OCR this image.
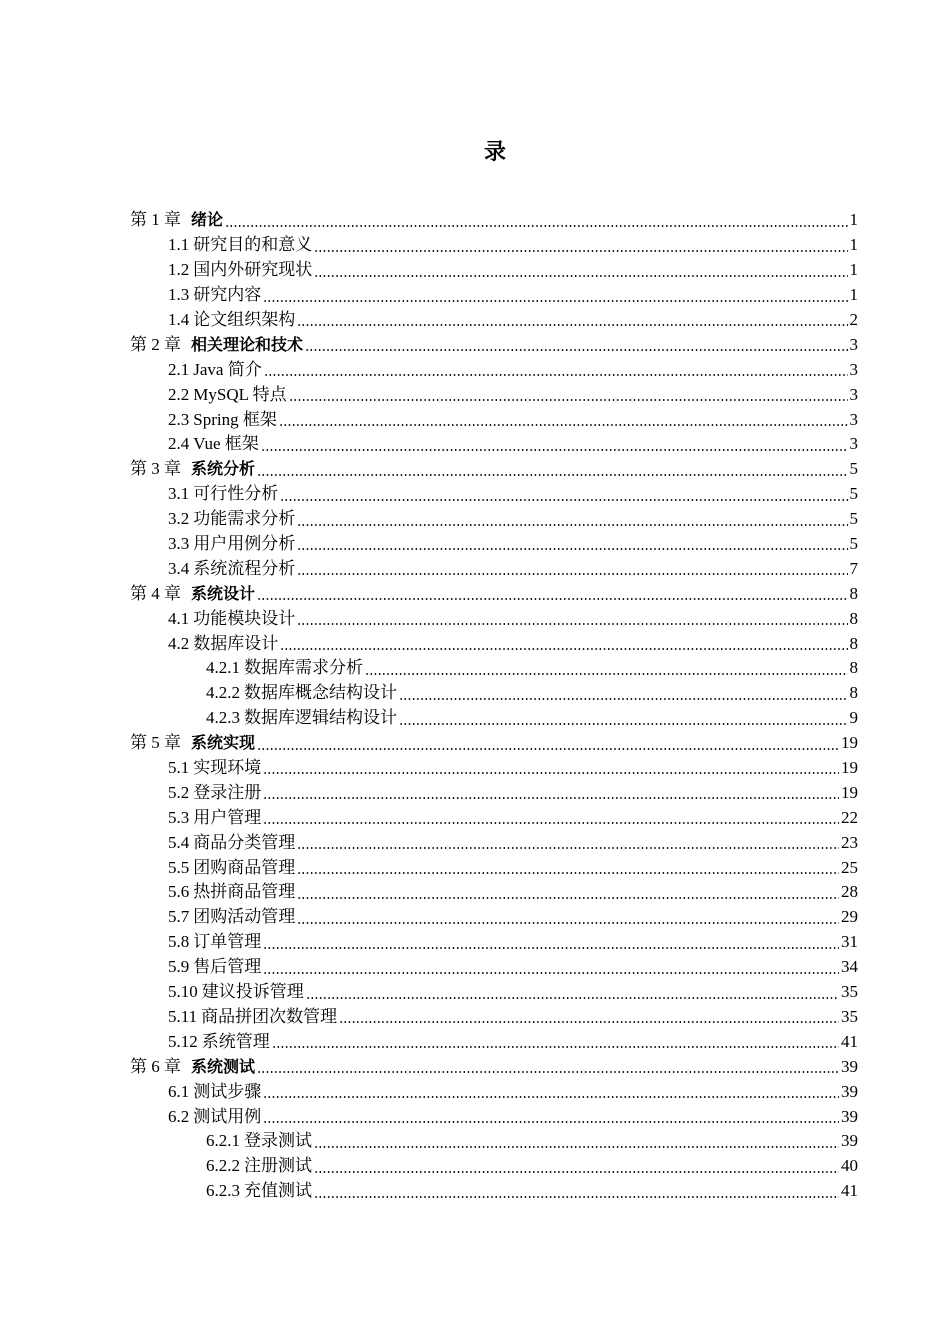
录
第 1 章 绪论	1
1.1 研究目的和意义	1
1.2 国内外研究现状	1
1.3 研究内容	1
1.4 论文组织架构	2
第 2 章 相关理论和技术	3
2.1 Java 简介	3
2.2 MySQL 特点	3
2.3 Spring 框架	3
2.4 Vue 框架	3
第 3 章 系统分析	5
3.1 可行性分析	5
3.2 功能需求分析	5
3.3 用户用例分析	5
3.4 系统流程分析	7
第 4 章 系统设计	8
4.1 功能模块设计	8
4.2 数据库设计	8
4.2.1 数据库需求分析	8
4.2.2 数据库概念结构设计	8
4.2.3 数据库逻辑结构设计	9
第 5 章 系统实现	19
5.1 实现环境	19
5.2 登录注册	19
5.3 用户管理	22
5.4 商品分类管理	23
5.5 团购商品管理	25
5.6 热拼商品管理	28
5.7 团购活动管理	29
5.8 订单管理	31
5.9 售后管理	34
5.10 建议投诉管理	35
5.11 商品拼团次数管理	35
5.12 系统管理	41
第 6 章 系统测试	39
6.1 测试步骤	39
6.2 测试用例	39
6.2.1 登录测试	39
6.2.2 注册测试	40
6.2.3 充值测试	41
